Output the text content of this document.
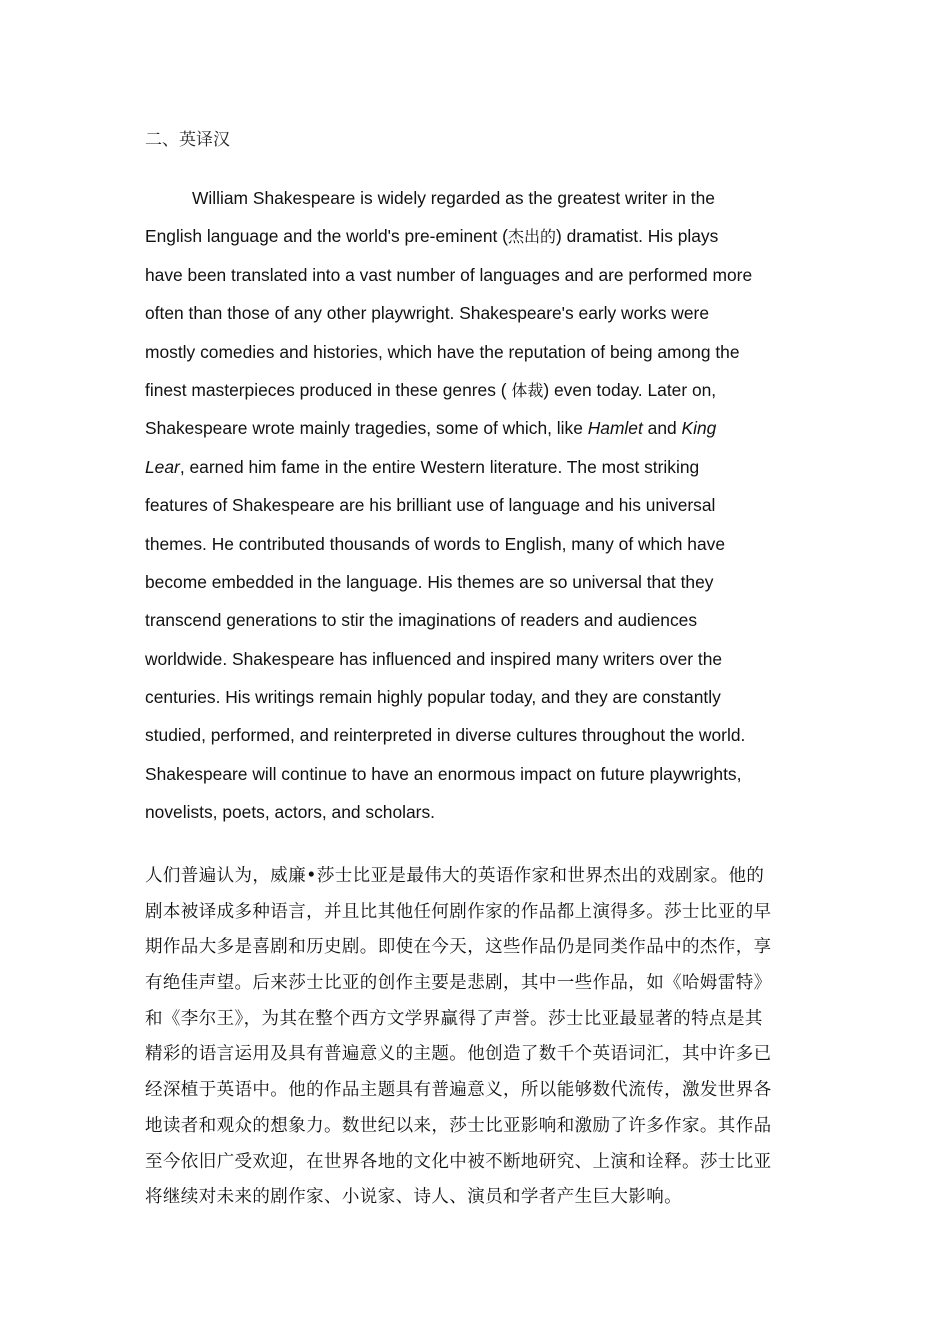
二、英译汉
William Shakespeare is widely regarded as the greatest writer in the
English language and the world's pre-eminent (杰出的) dramatist. His plays
have been translated into a vast number of languages and are performed more
often than those of any other playwright. Shakespeare's early works were
mostly comedies and histories, which have the reputation of being among the
finest masterpieces produced in these genres ( 体裁) even today. Later on,
Shakespeare wrote mainly tragedies, some of which, like Hamlet and King
Lear, earned him fame in the entire Western literature. The most striking
features of Shakespeare are his brilliant use of language and his universal
themes. He contributed thousands of words to English, many of which have
become embedded in the language. His themes are so universal that they
transcend generations to stir the imaginations of readers and audiences
worldwide. Shakespeare has influenced and inspired many writers over the
centuries. His writings remain highly popular today, and they are constantly
studied, performed, and reinterpreted in diverse cultures throughout the world.
Shakespeare will continue to have an enormous impact on future playwrights,
novelists, poets, actors, and scholars.
人们普遍认为，威廉•莎士比亚是最伟大的英语作家和世界杰出的戏剧家。他的
剧本被译成多种语言，并且比其他任何剧作家的作品都上演得多。莎士比亚的早
期作品大多是喜剧和历史剧。即使在今天，这些作品仍是同类作品中的杰作，享
有绝佳声望。后来莎士比亚的创作主要是悲剧，其中一些作品，如《哈姆雷特》
和《李尔王》，为其在整个西方文学界赢得了声誉。莎士比亚最显著的特点是其
精彩的语言运用及具有普遍意义的主题。他创造了数千个英语词汇，其中许多已
经深植于英语中。他的作品主题具有普遍意义，所以能够数代流传，激发世界各
地读者和观众的想象力。数世纪以来，莎士比亚影响和激励了许多作家。其作品
至今依旧广受欢迎，在世界各地的文化中被不断地研究、上演和诠释。莎士比亚
将继续对未来的剧作家、小说家、诗人、演员和学者产生巨大影响。
